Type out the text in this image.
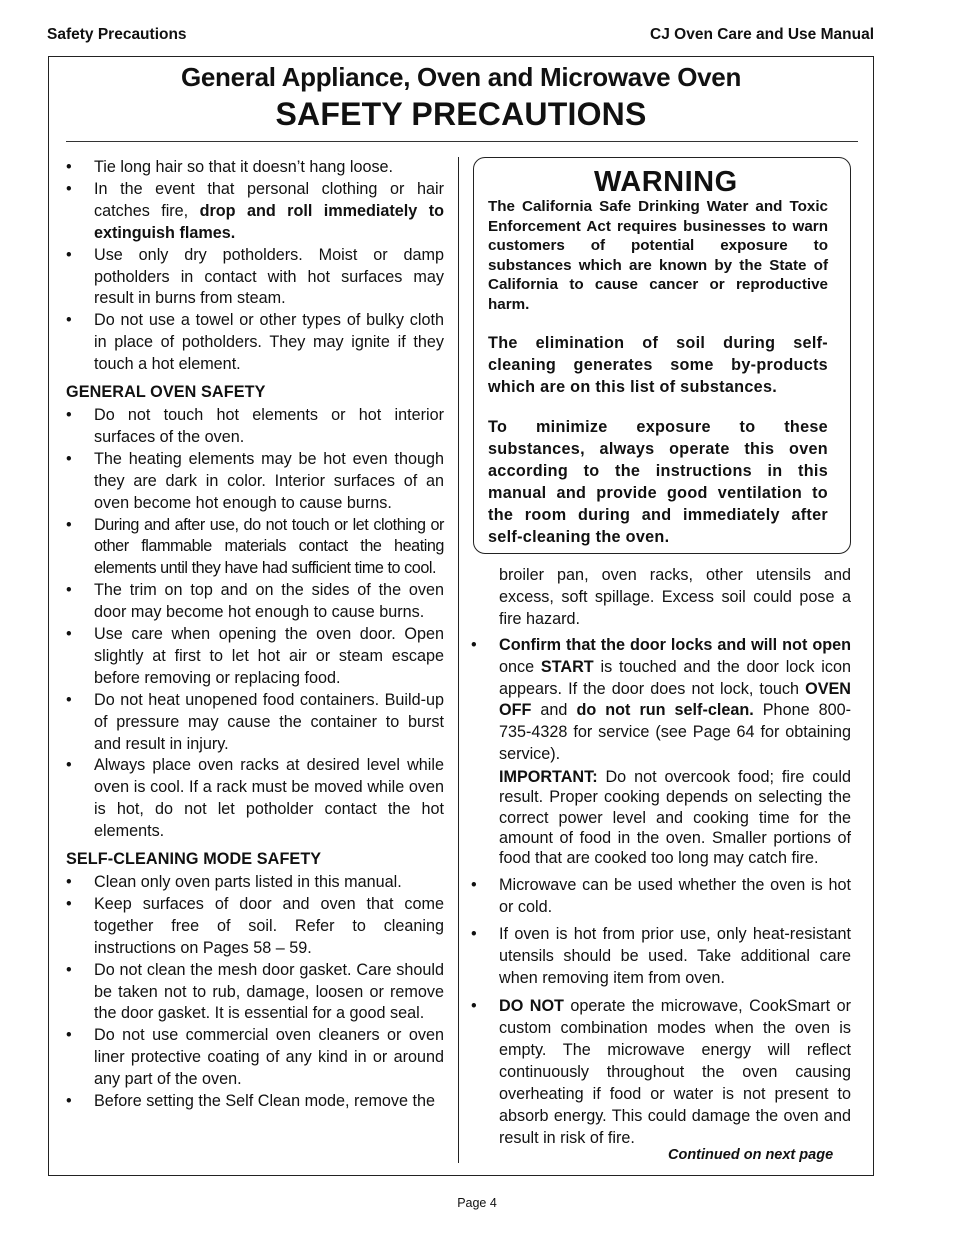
Safety Precautions	CJ Oven Care and Use Manual
General Appliance, Oven and Microwave Oven
SAFETY PRECAUTIONS
• Tie long hair so that it doesn’t hang loose.
• In the event that personal clothing or hair catches fire, drop and roll immediately to extinguish flames.
• Use only dry potholders. Moist or damp potholders in contact with hot surfaces may result in burns from steam.
• Do not use a towel or other types of bulky cloth in place of potholders. They may ignite if they touch a hot element.
GENERAL OVEN SAFETY
• Do not touch hot elements or hot interior surfaces of the oven.
• The heating elements may be hot even though they are dark in color. Interior surfaces of an oven become hot enough to cause burns.
• During and after use, do not touch or let clothing or other flammable materials contact the heating elements until they have had sufficient time to cool.
• The trim on top and on the sides of the oven door may become hot enough to cause burns.
• Use care when opening the oven door. Open slightly at first to let hot air or steam escape before removing or replacing food.
• Do not heat unopened food containers. Build-up of pressure may cause the container to burst and result in injury.
• Always place oven racks at desired level while oven is cool. If a rack must be moved while oven is hot, do not let potholder contact the hot elements.
SELF-CLEANING MODE SAFETY
• Clean only oven parts listed in this manual.
• Keep surfaces of door and oven that come together free of soil. Refer to cleaning instructions on Pages 58 – 59.
• Do not clean the mesh door gasket. Care should be taken not to rub, damage, loosen or remove the door gasket. It is essential for a good seal.
• Do not use commercial oven cleaners or oven liner protective coating of any kind in or around any part of the oven.
• Before setting the Self Clean mode, remove the
WARNING
The California Safe Drinking Water and Toxic Enforcement Act requires businesses to warn customers of potential exposure to substances which are known by the State of California to cause cancer or reproductive harm.
The elimination of soil during self-cleaning generates some by-products which are on this list of substances.
To minimize exposure to these substances, always operate this oven according to the instructions in this manual and provide good ventilation to the room during and immediately after self-cleaning the oven.
broiler pan, oven racks, other utensils and excess, soft spillage. Excess soil could pose a fire hazard.
• Confirm that the door locks and will not open once START is touched and the door lock icon appears. If the door does not lock, touch OVEN OFF and do not run self-clean. Phone 800-735-4328 for service (see Page 64 for obtaining service).
IMPORTANT: Do not overcook food; fire could result. Proper cooking depends on selecting the correct power level and cooking time for the amount of food in the oven. Smaller portions of food that are cooked too long may catch fire.
• Microwave can be used whether the oven is hot or cold.
• If oven is hot from prior use, only heat-resistant utensils should be used. Take additional care when removing item from oven.
• DO NOT operate the microwave, CookSmart or custom combination modes when the oven is empty. The microwave energy will reflect continuously throughout the oven causing overheating if food or water is not present to absorb energy. This could damage the oven and result in risk of fire.
Continued on next page
Page 4
